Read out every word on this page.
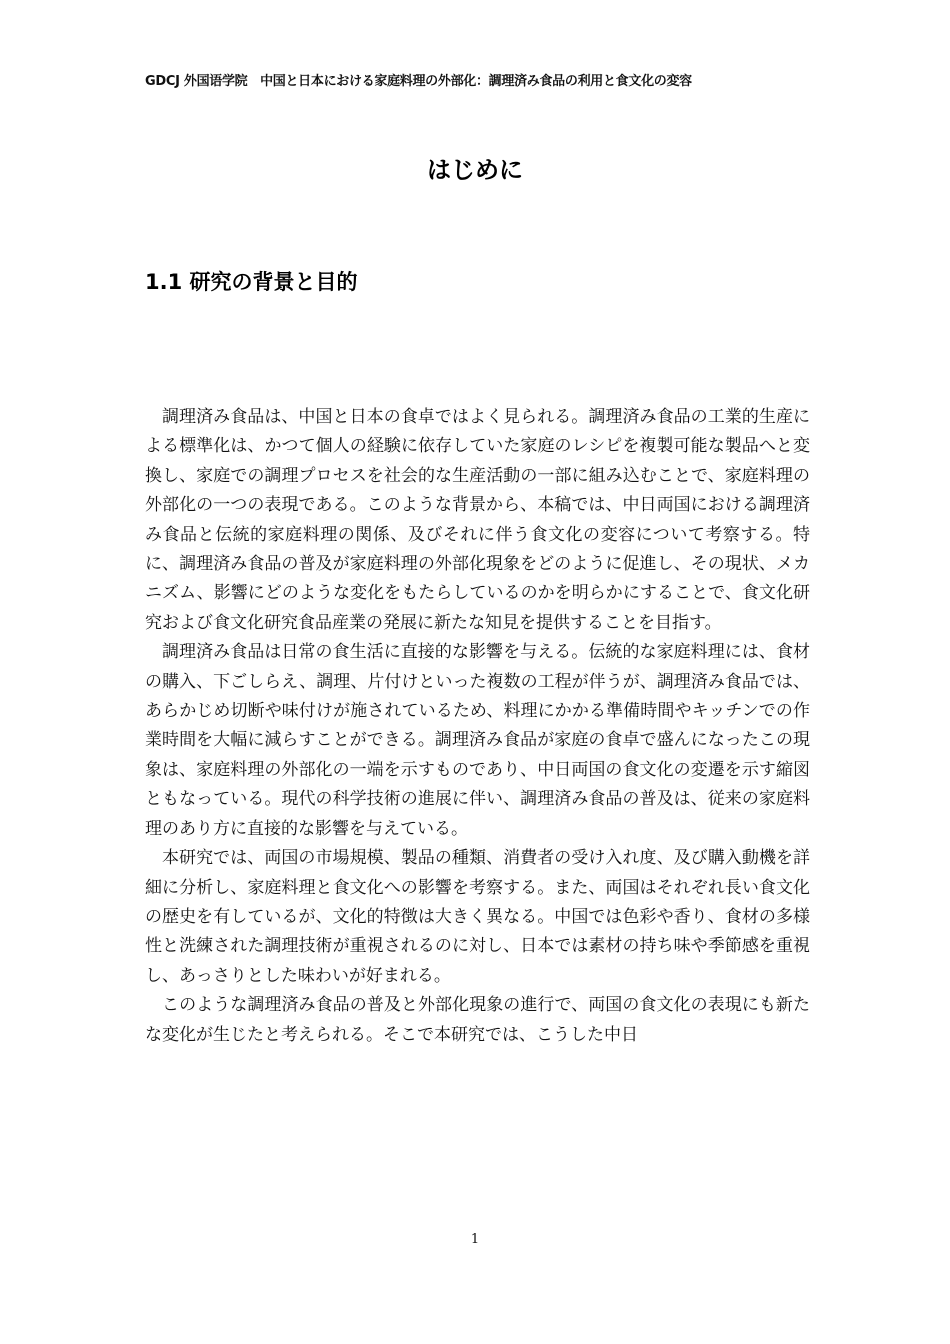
GDCJ 外国语学院　中国と日本における家庭料理の外部化：調理済み食品の利用と食文化の変容
はじめに
1.1 研究の背景と目的

調理済み食品は、中国と日本の食卓ではよく見られる。調理済み食品の工業的生産による標準化は、かつて個人の経験に依存していた家庭のレシピを複製可能な製品へと変換し、家庭での調理プロセスを社会的な生産活動の一部に組み込むことで、家庭料理の外部化の一つの表現である。このような背景から、本稿では、中日両国における調理済み食品と伝統的家庭料理の関係、及びそれに伴う食文化の変容について考察する。特に、調理済み食品の普及が家庭料理の外部化現象をどのように促進し、その現状、メカニズム、影響にどのような変化をもたらしているのかを明らかにすることで、食文化研究および食文化研究食品産業の発展に新たな知見を提供することを目指す。

調理済み食品は日常の食生活に直接的な影響を与える。伝統的な家庭料理には、食材の購入、下ごしらえ、調理、片付けといった複数の工程が伴うが、調理済み食品では、あらかじめ切断や味付けが施されているため、料理にかかる準備時間やキッチンでの作業時間を大幅に減らすことができる。調理済み食品が家庭の食卓で盛んになったこの現象は、家庭料理の外部化の一端を示すものであり、中日両国の食文化の変遷を示す縮図ともなっている。現代の科学技術の進展に伴い、調理済み食品の普及は、従来の家庭料理のあり方に直接的な影響を与えている。

本研究では、両国の市場規模、製品の種類、消費者の受け入れ度、及び購入動機を詳細に分析し、家庭料理と食文化への影響を考察する。また、両国はそれぞれ長い食文化の歴史を有しているが、文化的特徴は大きく異なる。中国では色彩や香り、食材の多様性と洗練された調理技術が重視されるのに対し、日本では素材の持ち味や季節感を重視し、あっさりとした味わいが好まれる。

このような調理済み食品の普及と外部化現象の進行で、両国の食文化の表現にも新たな変化が生じたと考えられる。そこで本研究では、こうした中日

1
